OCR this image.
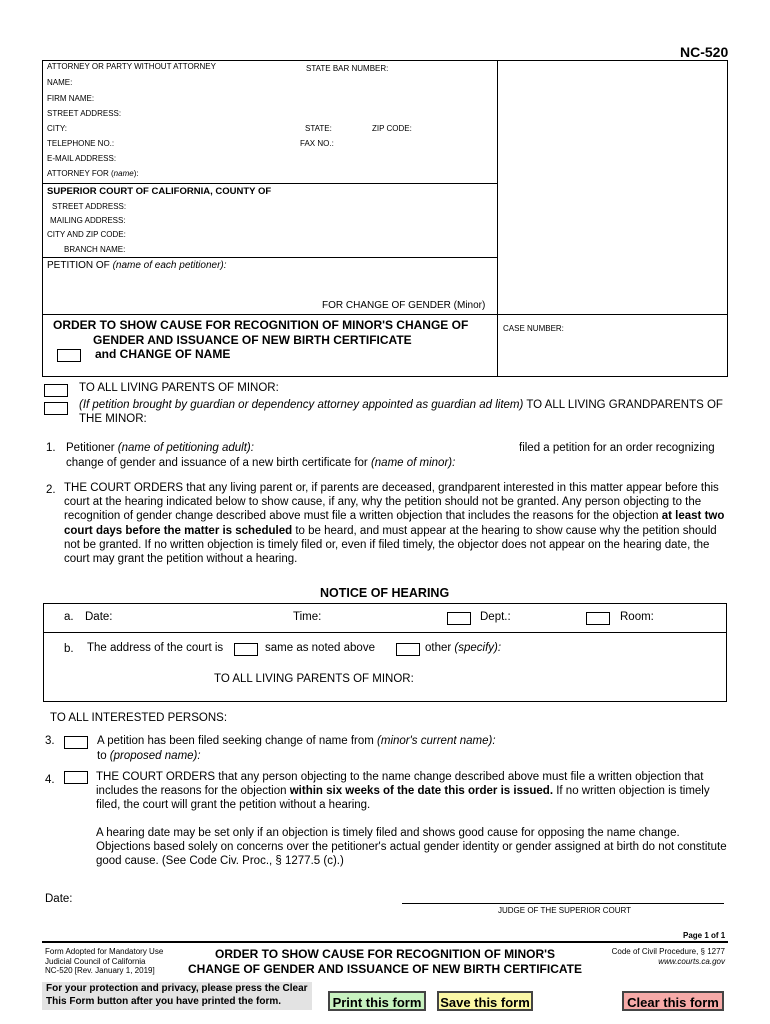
NC-520
ATTORNEY OR PARTY WITHOUT ATTORNEY	STATE BAR NUMBER:
NAME:
FIRM NAME:
STREET ADDRESS:
CITY:	STATE:	ZIP CODE:
TELEPHONE NO.:	FAX NO.:
E-MAIL ADDRESS:
ATTORNEY FOR (name):
SUPERIOR COURT OF CALIFORNIA, COUNTY OF
STREET ADDRESS:
MAILING ADDRESS:
CITY AND ZIP CODE:
BRANCH NAME:
PETITION OF (name of each petitioner):
FOR CHANGE OF GENDER (Minor)
ORDER TO SHOW CAUSE FOR RECOGNITION OF MINOR'S CHANGE OF
GENDER AND ISSUANCE OF NEW BIRTH CERTIFICATE
and CHANGE OF NAME
CASE NUMBER:
TO ALL LIVING PARENTS OF MINOR:
(If petition brought by guardian or dependency attorney appointed as guardian ad litem) TO ALL LIVING GRANDPARENTS OF
THE MINOR:
1. Petitioner (name of petitioning adult):	filed a petition for an order recognizing
change of gender and issuance of a new birth certificate for (name of minor):
2. THE COURT ORDERS that any living parent or, if parents are deceased, grandparent interested in this matter appear before this
court at the hearing indicated below to show cause, if any, why the petition should not be granted. Any person objecting to the
recognition of gender change described above must file a written objection that includes the reasons for the objection at least two
court days before the matter is scheduled to be heard, and must appear at the hearing to show cause why the petition should
not be granted. If no written objection is timely filed or, even if filed timely, the objector does not appear on the hearing date, the
court may grant the petition without a hearing.
NOTICE OF HEARING
a. Date:	Time:	Dept.:	Room:
b. The address of the court is	same as noted above	other (specify):
TO ALL LIVING PARENTS OF MINOR:
TO ALL INTERESTED PERSONS:
3.	A petition has been filed seeking change of name from (minor's current name):
to (proposed name):
4.	THE COURT ORDERS that any person objecting to the name change described above must file a written objection that
includes the reasons for the objection within six weeks of the date this order is issued. If no written objection is timely
filed, the court will grant the petition without a hearing.
A hearing date may be set only if an objection is timely filed and shows good cause for opposing the name change.
Objections based solely on concerns over the petitioner's actual gender identity or gender assigned at birth do not constitute
good cause. (See Code Civ. Proc., § 1277.5 (c).)
Date:
JUDGE OF THE SUPERIOR COURT
Page 1 of 1
Form Adopted for Mandatory Use
Judicial Council of California
NC-520 [Rev. January 1, 2019]
ORDER TO SHOW CAUSE FOR RECOGNITION OF MINOR'S
CHANGE OF GENDER AND ISSUANCE OF NEW BIRTH CERTIFICATE
Code of Civil Procedure, § 1277
www.courts.ca.gov
For your protection and privacy, please press the Clear
This Form button after you have printed the form.	Print this form	Save this form	Clear this form
